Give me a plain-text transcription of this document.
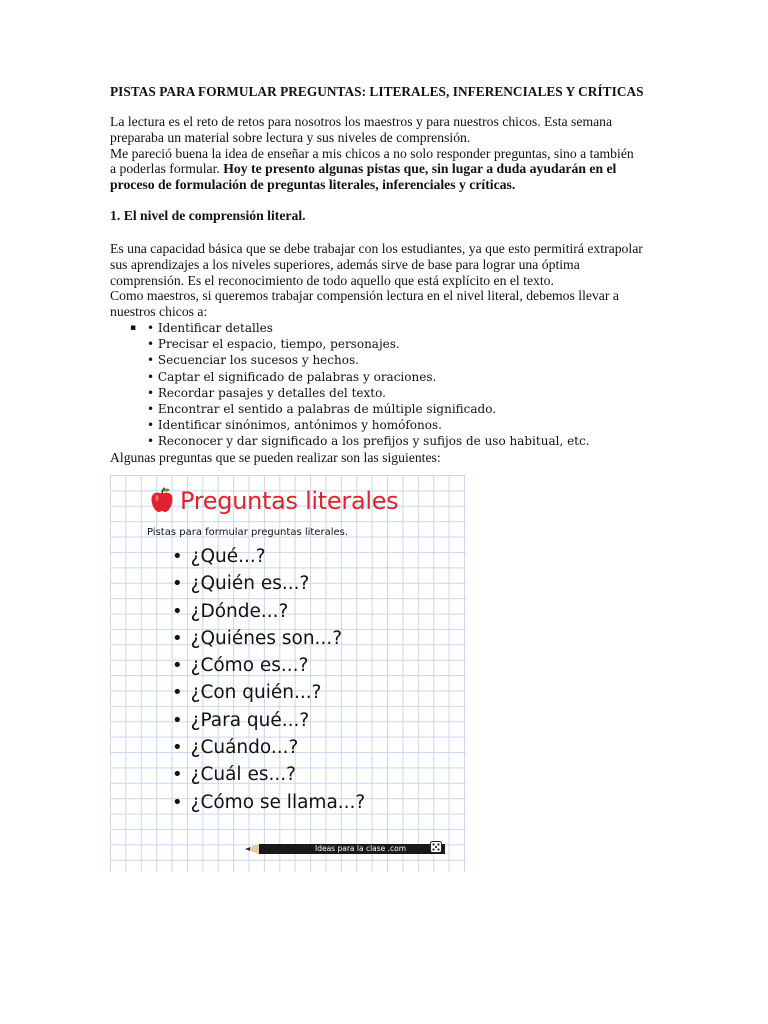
PISTAS PARA FORMULAR PREGUNTAS: LITERALES, INFERENCIALES Y CRÍTICAS

La lectura es el reto de retos para nosotros los maestros y para nuestros chicos. Esta semana
preparaba un material sobre lectura y sus niveles de comprensión.
Me pareció buena la idea de enseñar a mis chicos a no solo responder preguntas, sino a también
a poderlas formular. Hoy te presento algunas pistas que, sin lugar a duda ayudarán en el
proceso de formulación de preguntas literales, inferenciales y críticas.
1. El nivel de comprensión literal.
Es una capacidad básica que se debe trabajar con los estudiantes, ya que esto permitirá extrapolar
sus aprendizajes a los niveles superiores, además sirve de base para lograr una óptima
comprensión. Es el reconocimiento de todo aquello que está explícito en el texto.
Como maestros, si queremos trabajar compensión lectura en el nivel literal, debemos llevar a
nuestros chicos a:
▪ • Identificar detalles
• Precisar el espacio, tiempo, personajes.
• Secuenciar los sucesos y hechos.
• Captar el significado de palabras y oraciones.
• Recordar pasajes y detalles del texto.
• Encontrar el sentido a palabras de múltiple significado.
• Identificar sinónimos, antónimos y homófonos.
• Reconocer y dar significado a los prefijos y sufijos de uso habitual, etc.
Algunas preguntas que se pueden realizar son las siguientes:
Preguntas literales
Pistas para formular preguntas literales.
• ¿Qué...?
• ¿Quién es...?
• ¿Dónde...?
• ¿Quiénes son...?
• ¿Cómo es...?
• ¿Con quién...?
• ¿Para qué...?
• ¿Cuándo...?
• ¿Cuál es...?
• ¿Cómo se llama...?
Ideas para la clase .com
